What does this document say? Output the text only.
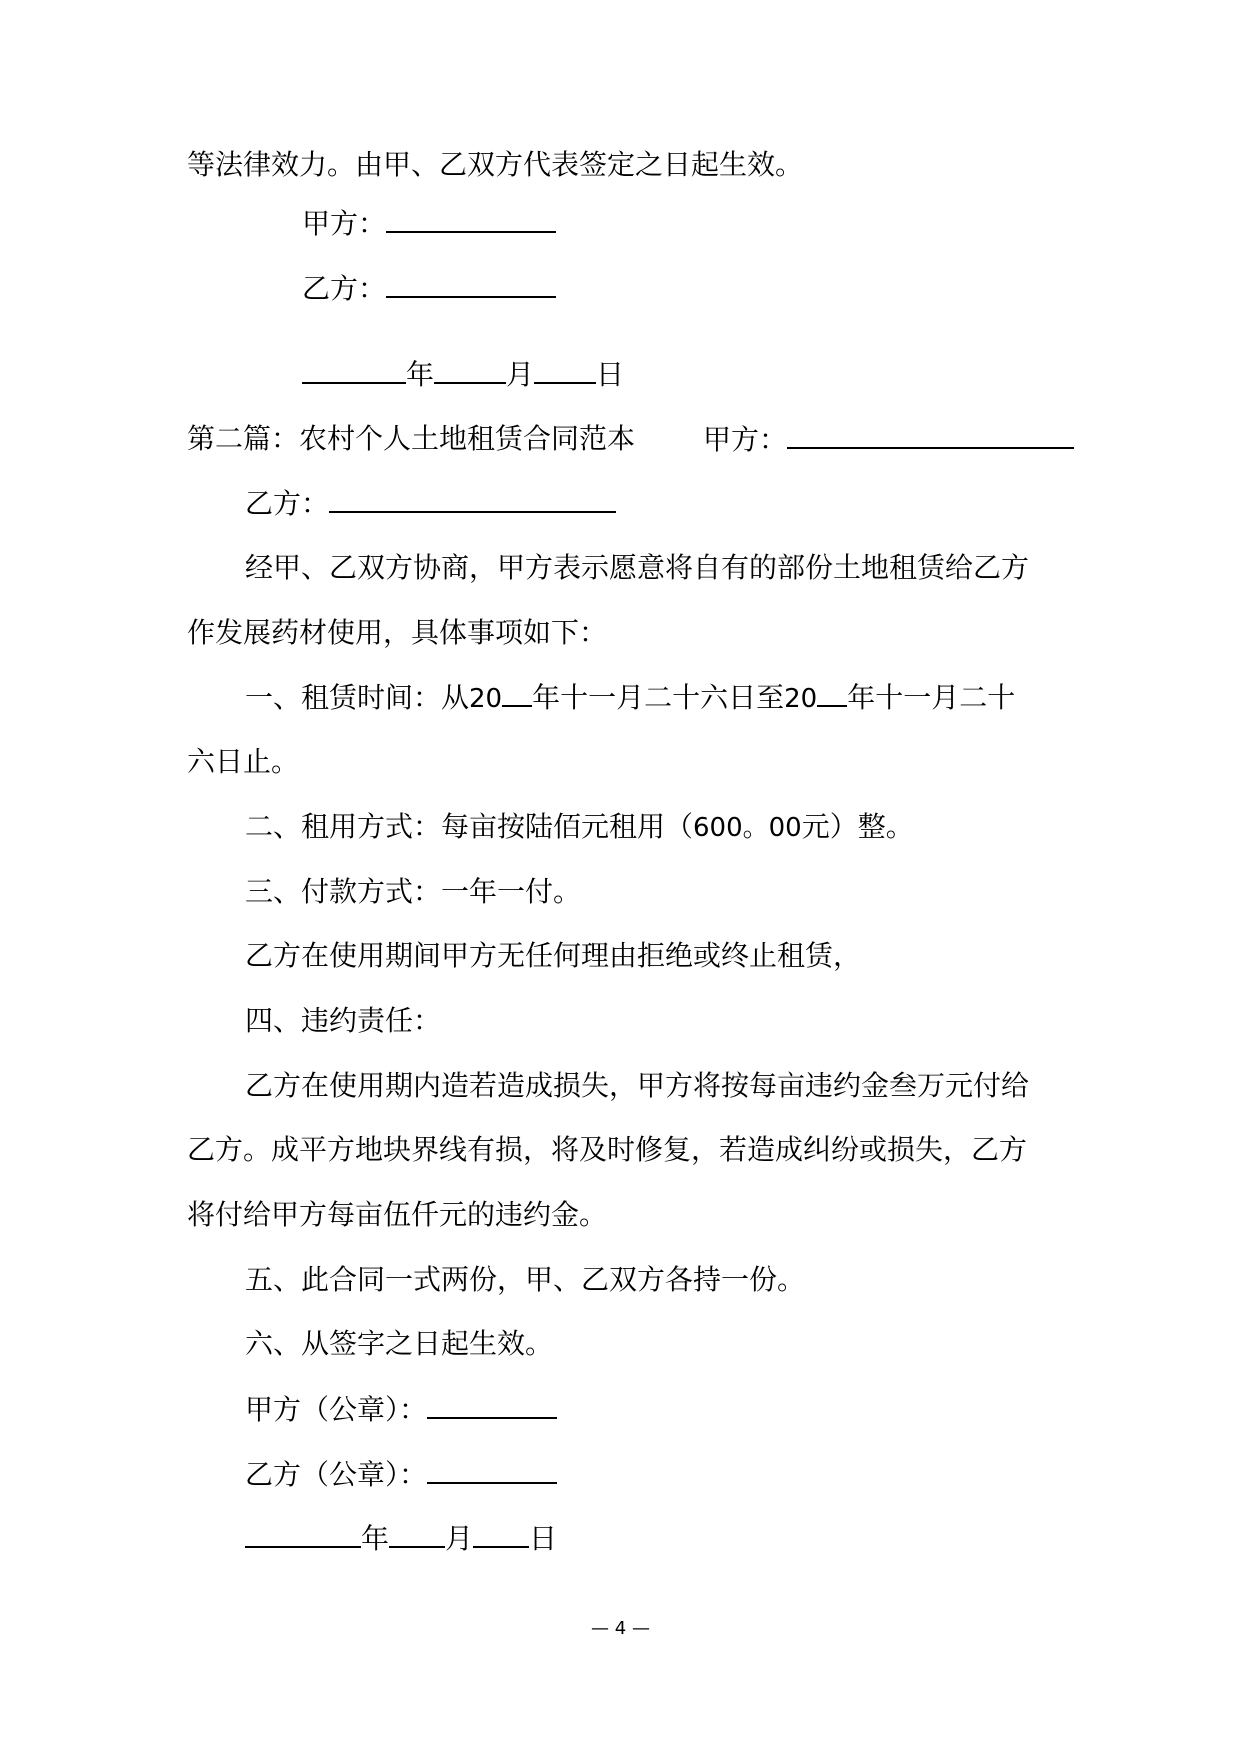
等法律效力。由甲、乙双方代表签定之日起生效。
甲方：
乙方：
年	月 日
第二篇：农村个人土地租赁合同范本 甲方：
乙方：
经甲、乙双方协商，甲方表示愿意将自有的部份土地租赁给乙方
作发展药材使用，具体事项如下：
一、租赁时间：从20 年十一月二十六日至20 年十一月二十
六日止。
二、租用方式：每亩按陆佰元租用（600。00元）整。
三、付款方式：一年一付。
乙方在使用期间甲方无任何理由拒绝或终止租赁，
四、违约责任：
乙方在使用期内造若造成损失，甲方将按每亩违约金叁万元付给
乙方。成平方地块界线有损，将及时修复，若造成纠纷或损失，乙方
将付给甲方每亩伍仟元的违约金。
五、此合同一式两份，甲、乙双方各持一份。
六、从签字之日起生效。
甲方（公章）：
乙方（公章）：
年 月 日
— 4 —
